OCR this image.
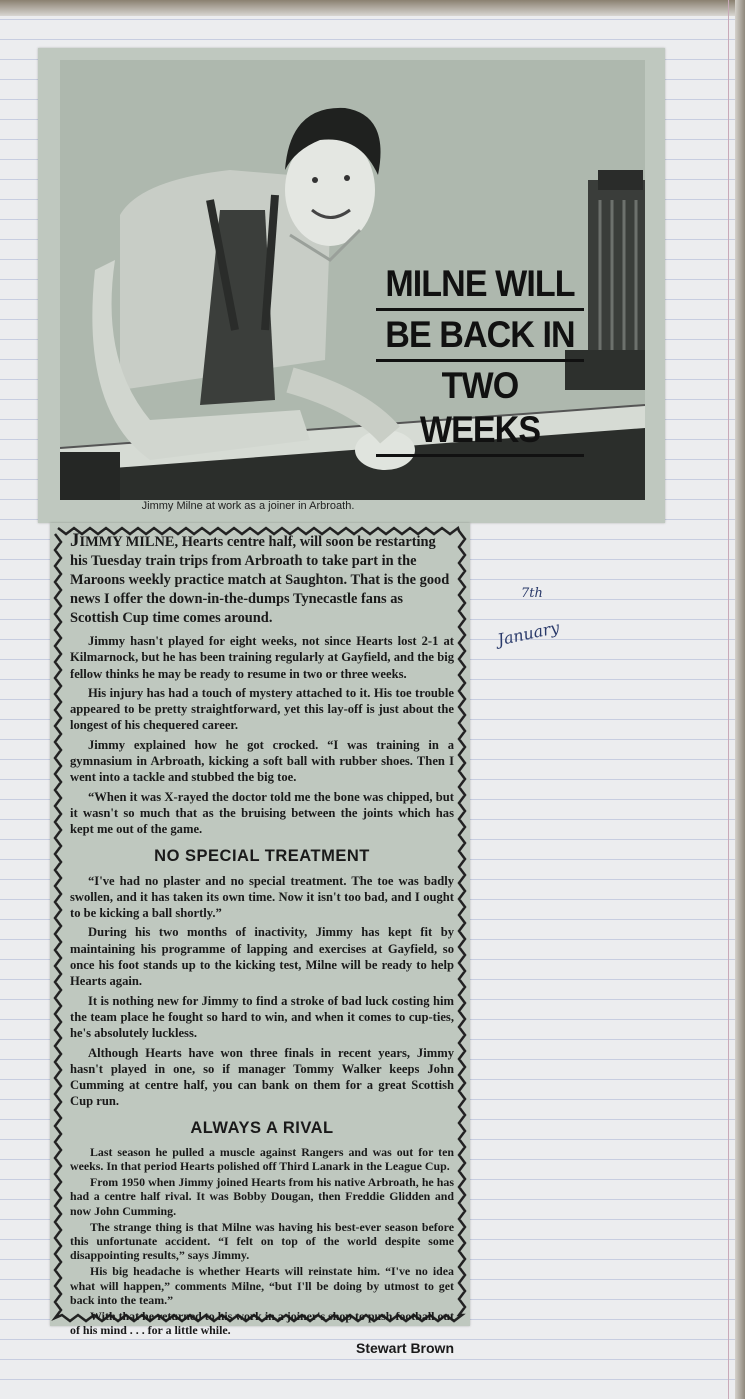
MILNE WILL
BE BACK IN
TWO WEEKS
Jimmy Milne at work as a joiner in Arbroath.

JIMMY MILNE, Hearts centre half, will soon be restarting his Tuesday train trips from Arbroath to take part in the Maroons weekly practice match at Saughton. That is the good news I offer the down-in-the-dumps Tynecastle fans as Scottish Cup time comes around.

Jimmy hasn't played for eight weeks, not since Hearts lost 2-1 at Kilmarnock, but he has been training regularly at Gayfield, and the big fellow thinks he may be ready to resume in two or three weeks.

His injury has had a touch of mystery attached to it. His toe trouble appeared to be pretty straightforward, yet this lay-off is just about the longest of his chequered career.

Jimmy explained how he got crocked. “I was training in a gymnasium in Arbroath, kicking a soft ball with rubber shoes. Then I went into a tackle and stubbed the big toe.

“When it was X-rayed the doctor told me the bone was chipped, but it wasn't so much that as the bruising between the joints which has kept me out of the game.

NO SPECIAL TREATMENT

“I've had no plaster and no special treatment. The toe was badly swollen, and it has taken its own time. Now it isn't too bad, and I ought to be kicking a ball shortly.”

During his two months of inactivity, Jimmy has kept fit by maintaining his programme of lapping and exercises at Gayfield, so once his foot stands up to the kicking test, Milne will be ready to help Hearts again.

It is nothing new for Jimmy to find a stroke of bad luck costing him the team place he fought so hard to win, and when it comes to cup-ties, he's absolutely luckless.

Although Hearts have won three finals in recent years, Jimmy hasn't played in one, so if manager Tommy Walker keeps John Cumming at centre half, you can bank on them for a great Scottish Cup run.

ALWAYS A RIVAL

Last season he pulled a muscle against Rangers and was out for ten weeks. In that period Hearts polished off Third Lanark in the League Cup.

From 1950 when Jimmy joined Hearts from his native Arbroath, he has had a centre half rival. It was Bobby Dougan, then Freddie Glidden and now John Cumming.

The strange thing is that Milne was having his best-ever season before this unfortunate accident. “I felt on top of the world despite some disappointing results,” says Jimmy.

His big headache is whether Hearts will reinstate him. “I've no idea what will happen,” comments Milne, “but I'll be doing by utmost to get back into the team.”

With that he returned to his work in a joiner's shop to push football out of his mind . . . for a little while.

Stewart Brown
7th
January
